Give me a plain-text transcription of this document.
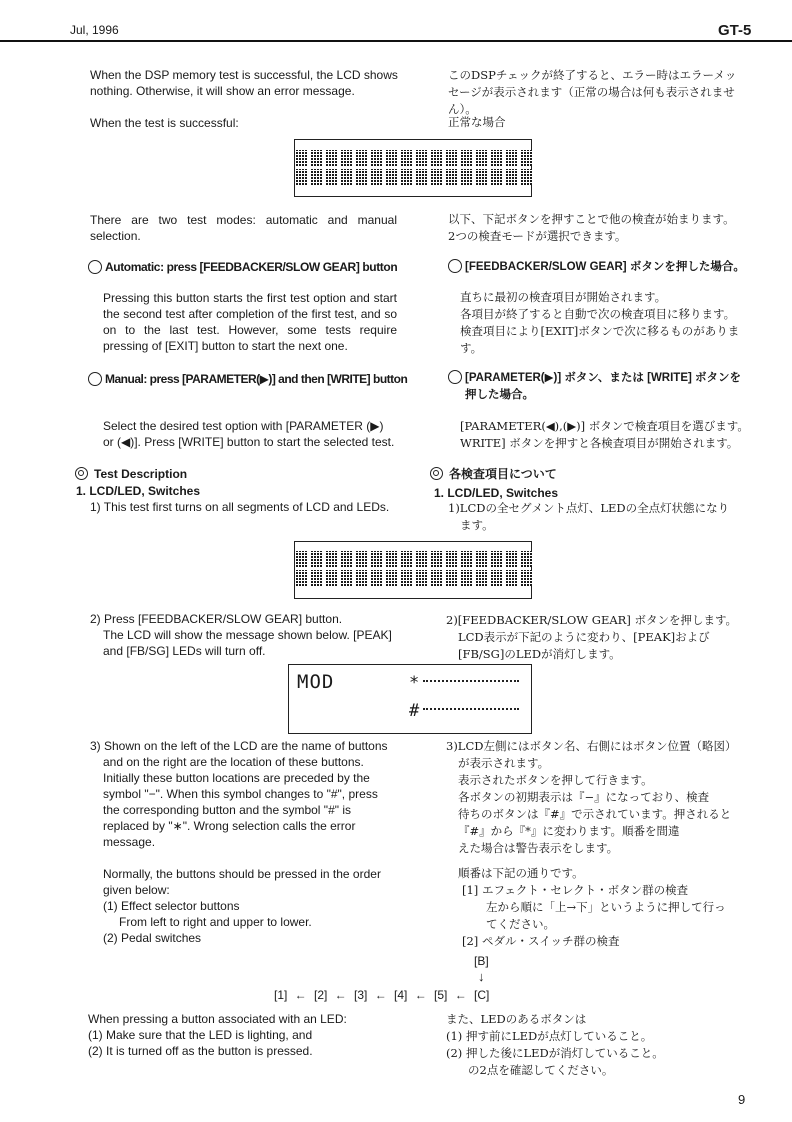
Jul, 1996	GT-5
When the DSP memory test is successful, the LCD shows nothing. Otherwise, it will show an error message.
When the test is successful:
このDSPチェックが終了すると、エラー時はエラーメッ
セージが表示されます（正常の場合は何も表示されませ
ん）。
正常な場合
There are two test modes: automatic and manual selection.
以下、下記ボタンを押すことで他の検査が始まります。
2つの検査モードが選択できます。
Automatic: press [FEEDBACKER/SLOW GEAR] button	[FEEDBACKER/SLOW GEAR] ボタンを押した場合。
Pressing this button starts the first test option and start the second test after completion of the first test, and so on to the last test. However, some tests require pressing of [EXIT] button to start the next one.
直ちに最初の検査項目が開始されます。
各項目が終了すると自動で次の検査項目に移ります。
検査項目により[EXIT]ボタンで次に移るものがありま
す。
Manual: press [PARAMETER(▶)] and then [WRITE] button	[PARAMETER(▶)] ボタン、または [WRITE] ボタンを
押した場合。
Select the desired test option with [PARAMETER (▶)
or (◀)]. Press [WRITE] button to start the selected test.
[PARAMETER(◀),(▶)] ボタンで検査項目を選びます。
WRITE] ボタンを押すと各検査項目が開始されます。
Test Description	各検査項目について
1. LCD/LED, Switches	1. LCD/LED, Switches
1) This test first turns on all segments of LCD and LEDs.	1)LCDの全セグメント点灯、LEDの全点灯状態になり
ます。
2) Press [FEEDBACKER/SLOW GEAR] button.
The LCD will show the message shown below. [PEAK]
and [FB/SG] LEDs will turn off.
2)[FEEDBACKER/SLOW GEAR] ボタンを押します。
LCD表示が下記のように変わり、[PEAK]および
[FB/SG]のLEDが消灯します。
MOD	*
#
3) Shown on the left of the LCD are the name of buttons
and on the right are the location of these buttons.
Initially these button locations are preceded by the
symbol "−". When this symbol changes to "#", press
the corresponding button and the symbol "#" is
replaced by "∗". Wrong selection calls the error
message.
3)LCD左側にはボタン名、右側にはボタン位置（略図）
が表示されます。
表示されたボタンを押して行きます。
各ボタンの初期表示は『−』になっており、検査
待ちのボタンは『#』で示されています。押されると
『#』から『*』に変わります。順番を間違
えた場合は警告表示をします。
Normally, the buttons should be pressed in the order
given below:
(1) Effect selector buttons
From left to right and upper to lower.
(2) Pedal switches
順番は下記の通りです。
[1] エフェクト・セレクト・ボタン群の検査
左から順に「上→下」というように押して行っ
てください。
[2] ペダル・スイッチ群の検査
[B]
↓
[1] ← [2] ← [3] ← [4] ← [5] ← [C]
When pressing a button associated with an LED:
(1) Make sure that the LED is lighting, and
(2) It is turned off as the button is pressed.
また、LEDのあるボタンは
(1) 押す前にLEDが点灯していること。
(2) 押した後にLEDが消灯していること。
の2点を確認してください。
9
